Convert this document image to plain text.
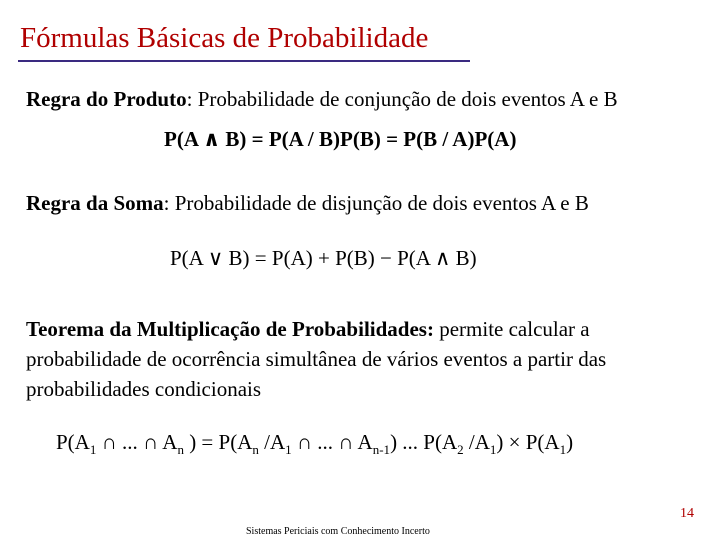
Fórmulas Básicas de Probabilidade
Regra do Produto: Probabilidade de conjunção de dois eventos A e B
P(A ∧ B) = P(A / B)P(B) = P(B / A)P(A)
Regra da Soma: Probabilidade de disjunção de dois eventos A e B
P(A ∨ B) = P(A) + P(B) − P(A ∧ B)
Teorema da Multiplicação de Probabilidades: permite calcular a probabilidade de ocorrência simultânea de vários eventos a partir das probabilidades condicionais
$P(A_1$ ∩ ... ∩ $A_n$ ) = $P(A_n$ $/A_1$ ∩ ... ∩ $A_{n-1}$) ... $P(A_2$ $/A_1) \times P(A_1)$
14
Sistemas Periciais com Conhecimento Incerto
